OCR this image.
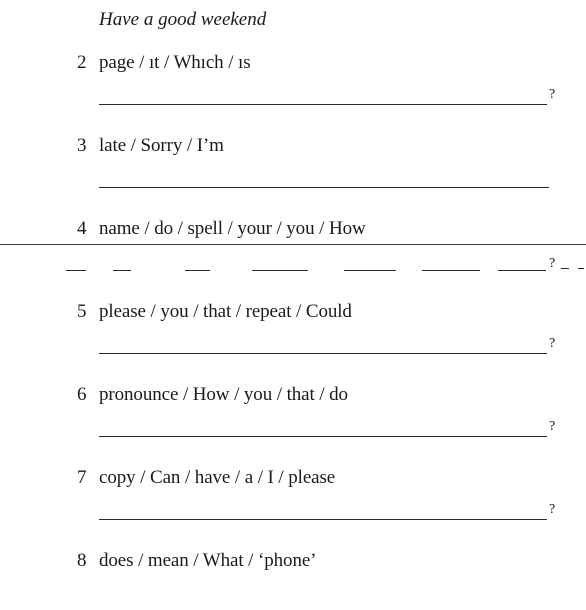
Have a good weekend
2 page / ıt / Whıch / ıs
?
3 late / Sorry / I’m
4 name / do / spell / your / you / How
?
5 please / you / that / repeat / Could
?
6 pronounce / How / you / that / do
?
7 copy / Can / have / a / I / please
?
8 does / mean / What / ‘phone’
